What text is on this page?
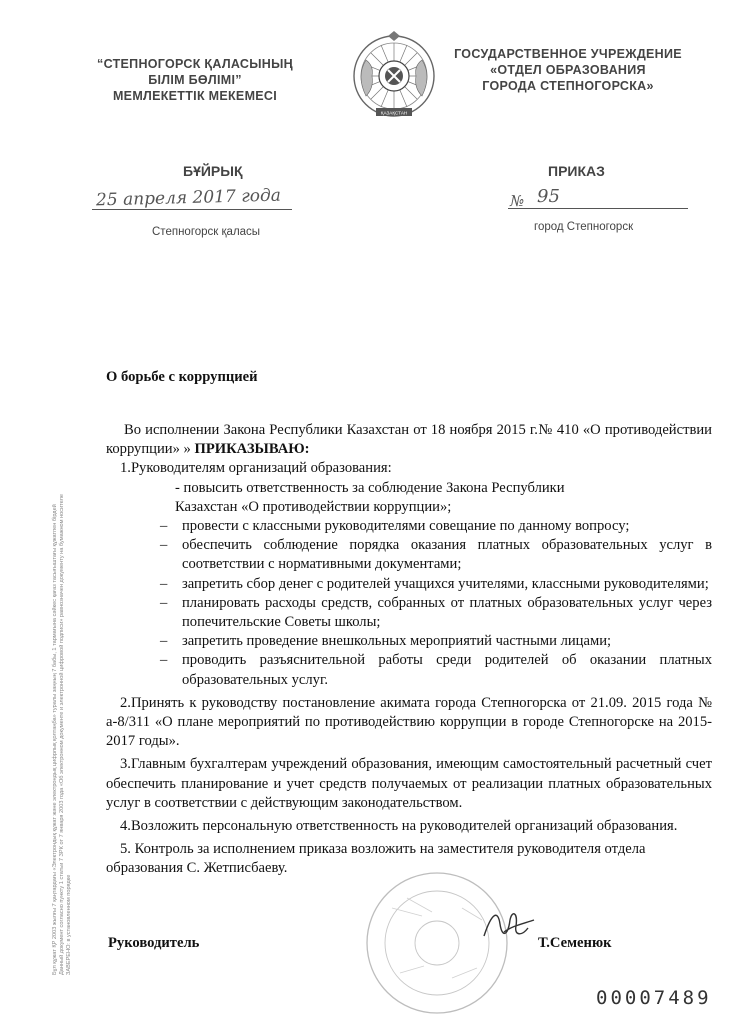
“СТЕПНОГОРСК ҚАЛАСЫНЫҢ
БІЛІМ БӨЛІМІ”
МЕМЛЕКЕТТІК МЕКЕМЕСІ
ГОСУДАРСТВЕННОЕ УЧРЕЖДЕНИЕ
«ОТДЕЛ ОБРАЗОВАНИЯ
ГОРОДА СТЕПНОГОРСКА»
ҚАЗАҚСТАН
БҰЙРЫҚ	ПРИКАЗ
25 апреля 2017 года	№ 95
Степногорск қаласы	город Степногорск
О борьбе с коррупцией
Во исполнении Закона Республики Казахстан от 18 ноября 2015 г.№ 410 «О противодействии коррупции» » ПРИКАЗЫВАЮ:
1.Руководителям организаций образования:
- повысить ответственность за соблюдение Закона Республики Казахстан «О противодействии коррупции»;
–	провести с классными руководителями совещание по данному вопросу;
–	обеспечить соблюдение порядка оказания платных образовательных услуг в соответствии с нормативными документами;
–	запретить сбор денег с родителей учащихся учителями, классными руководителями;
–	планировать расходы средств, собранных от платных образовательных услуг через попечительские Советы школы;
–	запретить проведение внешкольных мероприятий частными лицами;
–	проводить разъяснительной работы среди родителей об оказании платных образовательных услуг.
2.Принять к руководству постановление акимата города Степногорска от 21.09. 2015 года № а-8/311 «О плане мероприятий по противодействию коррупции в городе Степногорске на 2015-2017 годы».
3.Главным бухгалтерам учреждений образования, имеющим самостоятельный расчетный счет обеспечить планирование и учет средств получаемых от реализации платных образовательных услуг в соответствии с действующим законодательством.
4.Возложить персональную ответственность на руководителей организаций образования.
5. Контроль за исполнением приказа возложить на заместителя руководителя отдела образования С. Жетписбаеву.
Руководитель	Т.Семенюк
00007489
Бұл құжат ҚР 2003 жылғы 7 қаңтардағы «Электрондық құжат және электрондық цифрлық қолтаңба» туралы заңның 7 бабы, 1 тармағына сәйкес қағаз тасығыштағы құжатпен бірдей Данный документ согласно пункту 1 статьи 7 ЗРК от 7 января 2003 года «Об электронном документе и электронной цифровой подписи» равнозначен документу на бумажном носителе ЗАВЕРЕНО: в установленном порядке
